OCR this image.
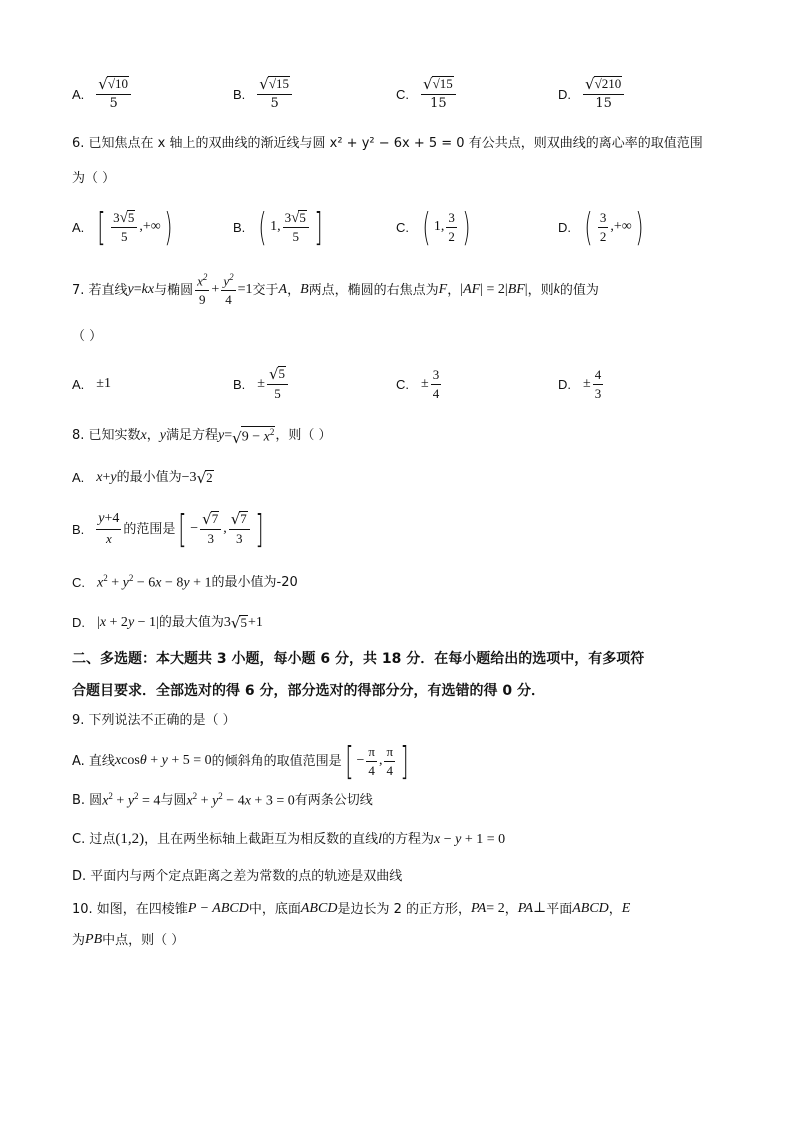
A. $\frac{√ √10}{5}$	B. $\frac{√ √15}{5}$	C. $\frac{√ √15}{15}$	D. $\frac{√ √210}{15}$
6. 已知焦点在 x 轴上的双曲线的渐近线与圆 x² + y² − 6x + 5 = 0 有公共点，则双曲线的离心率的取值范围
为（ ）
A. [ $\frac{3 √ 5}{5}$ ,+∞ )	B. ( 1, $\frac{3 √ 5}{5}$ ]	C. ( 1, $\frac{3}{2}$ )	D. ( $\frac{3}{2}$ ,+∞ )
7. 若直线 y = kx 与椭圆 $\frac{x^2}{9} + \frac{y^2}{4} =1$ 交于 A ， B 两点，椭圆的右焦点为 F ， | AF | = 2| BF | ，则 k 的值为
（ ）
A. ±1	B. ± $\frac{√ 5}{5}$	C. ± $\frac{3}{4}$	D. ± $\frac{4}{3}$
8. 已知实数 x ， y 满足方程 y = √ $9 - x^2$ ，则（ ）
A. x + y 的最小值为 −3 √ 2
B. $\frac{y+4}{x}$ 的范围是 [ − $\frac{√ 7}{3}$ , $\frac{√ 7}{3}$ ]
C. $x^2 + y^2 - 6x - 8y + 1$ 的最小值为-20
D. |x + 2y − 1| 的最大值为 3 √ 5 +1
二、多选题：本大题共 3 小题，每小题 6 分，共 18 分．在每小题给出的选项中，有多项符
合题目要求．全部选对的得 6 分，部分选对的得部分分，有选错的得 0 分．
9. 下列说法不正确的是（ ）
A. 直线 xcosθ + y + 5 = 0 的倾斜角的取值范围是 [ − $\frac{\pi}{4}$ , $\frac{\pi}{4}$ ]
B. 圆 $x^2 + y^2 = 4$ 与圆 $x^2 + y^2 - 4x + 3 = 0$ 有两条公切线
C. 过点 (1,2) ，且在两坐标轴上截距互为相反数的直线 l 的方程为 x − y + 1 = 0
D. 平面内与两个定点距离之差为常数的点的轨迹是双曲线
10. 如图，在四棱锥 P − ABCD 中，底面 ABCD 是边长为 2 的正方形， PA = 2 ， PA ⊥ 平面 ABCD ， E
为 PB 中点，则（ ）
